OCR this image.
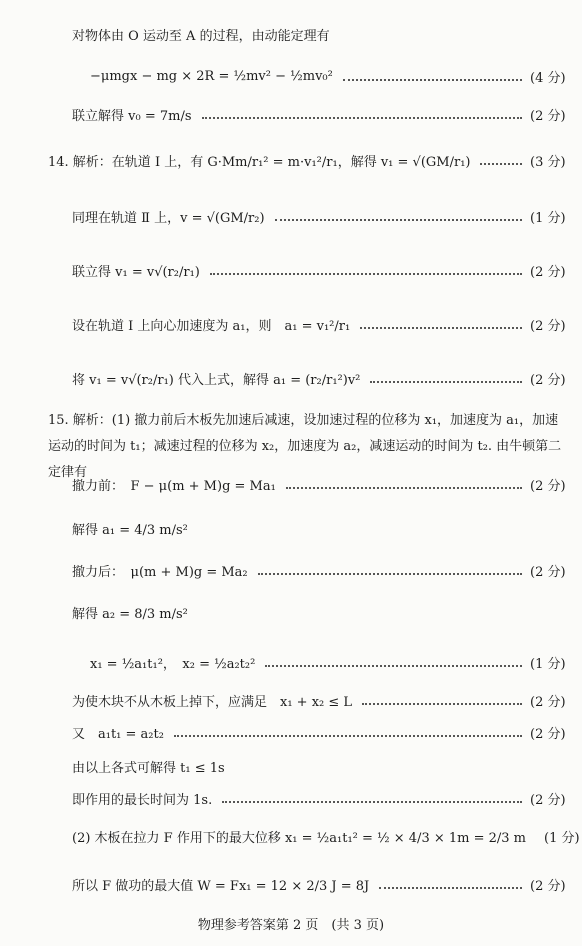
对物体由 O 运动至 A 的过程，由动能定理有
−μmgx − mg × 2R = ½mv² − ½mv₀²	(4 分)
联立解得 v₀ = 7m/s	(2 分)
14. 解析：在轨道 Ⅰ 上，有 G·Mm/r₁² = m·v₁²/r₁，解得 v₁ = √(GM/r₁)	(3 分)
同理在轨道 Ⅱ 上，v = √(GM/r₂)	(1 分)
联立得 v₁ = v√(r₂/r₁)	(2 分)
设在轨道 Ⅰ 上向心加速度为 a₁，则　a₁ = v₁²/r₁	(2 分)
将 v₁ = v√(r₂/r₁) 代入上式，解得 a₁ = (r₂/r₁²)v²	(2 分)
15. 解析：(1) 撤力前后木板先加速后减速，设加速过程的位移为 x₁，加速度为 a₁，加速运动的时间为 t₁；减速过程的位移为 x₂，加速度为 a₂，减速运动的时间为 t₂. 由牛顿第二定律有
撤力前：　F − μ(m + M)g = Ma₁	(2 分)
解得 a₁ = 4/3 m/s²
撤力后：　μ(m + M)g = Ma₂	(2 分)
解得 a₂ = 8/3 m/s²
x₁ = ½a₁t₁²，　x₂ = ½a₂t₂²	(1 分)
为使木块不从木板上掉下，应满足　x₁ + x₂ ≤ L	(2 分)
又　a₁t₁ = a₂t₂	(2 分)
由以上各式可解得 t₁ ≤ 1s
即作用的最长时间为 1s.	(2 分)
(2) 木板在拉力 F 作用下的最大位移 x₁ = ½a₁t₁² = ½ × 4/3 × 1m = 2/3 m (1 分)
所以 F 做功的最大值 W = Fx₁ = 12 × 2/3 J = 8J	(2 分)
物理参考答案第 2 页　(共 3 页)
